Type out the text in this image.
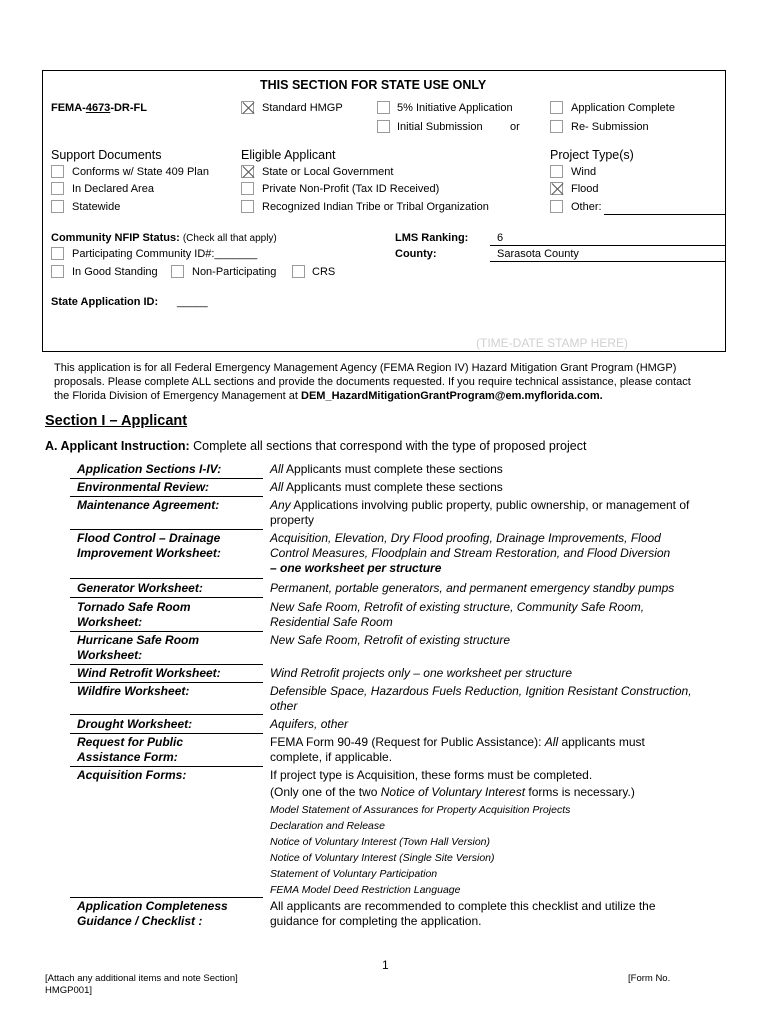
THIS SECTION FOR STATE USE ONLY
FEMA-4673-DR-FL	Standard HMGP	5% Initiative Application	Application Complete
Initial Submission or	Re- Submission
Support Documents
Conforms w/ State 409 Plan
In Declared Area
Statewide
Eligible Applicant
State or Local Government
Private Non-Profit (Tax ID Received)
Recognized Indian Tribe or Tribal Organization
Project Type(s)
Wind
Flood
Other:
Community NFIP Status: (Check all that apply)
Participating Community ID#:_______
In Good Standing	Non-Participating	CRS
LMS Ranking:	6
County:	Sarasota County
State Application ID: _____
(TIME-DATE STAMP HERE)
This application is for all Federal Emergency Management Agency (FEMA Region IV) Hazard Mitigation Grant Program (HMGP)
proposals. Please complete ALL sections and provide the documents requested. If you require technical assistance, please contact
the Florida Division of Emergency Management at DEM_HazardMitigationGrantProgram@em.myflorida.com.
Section I – Applicant
A. Applicant Instruction: Complete all sections that correspond with the type of proposed project
Application Sections I-IV:	All Applicants must complete these sections
Environmental Review:	All Applicants must complete these sections
Maintenance Agreement:	Any Applications involving public property, public ownership, or management of
property
Flood Control – Drainage
Improvement Worksheet:
Acquisition, Elevation, Dry Flood proofing, Drainage Improvements, Flood
Control Measures, Floodplain and Stream Restoration, and Flood Diversion
– one worksheet per structure
Generator Worksheet:	Permanent, portable generators, and permanent emergency standby pumps
Tornado Safe Room
Worksheet:
New Safe Room, Retrofit of existing structure, Community Safe Room,
Residential Safe Room
Hurricane Safe Room
Worksheet:
New Safe Room, Retrofit of existing structure
Wind Retrofit Worksheet:	Wind Retrofit projects only – one worksheet per structure
Wildfire Worksheet:	Defensible Space, Hazardous Fuels Reduction, Ignition Resistant Construction,
other
Drought Worksheet:	Aquifers, other
Request for Public
Assistance Form:
FEMA Form 90-49 (Request for Public Assistance): All applicants must
complete, if applicable.
Acquisition Forms:	If project type is Acquisition, these forms must be completed.
(Only one of the two Notice of Voluntary Interest forms is necessary.)
Model Statement of Assurances for Property Acquisition Projects
Declaration and Release
Notice of Voluntary Interest (Town Hall Version)
Notice of Voluntary Interest (Single Site Version)
Statement of Voluntary Participation
FEMA Model Deed Restriction Language
Application Completeness
Guidance / Checklist :
All applicants are recommended to complete this checklist and utilize the
guidance for completing the application.
1
[Attach any additional items and note Section]
HMGP001]
[Form No.
